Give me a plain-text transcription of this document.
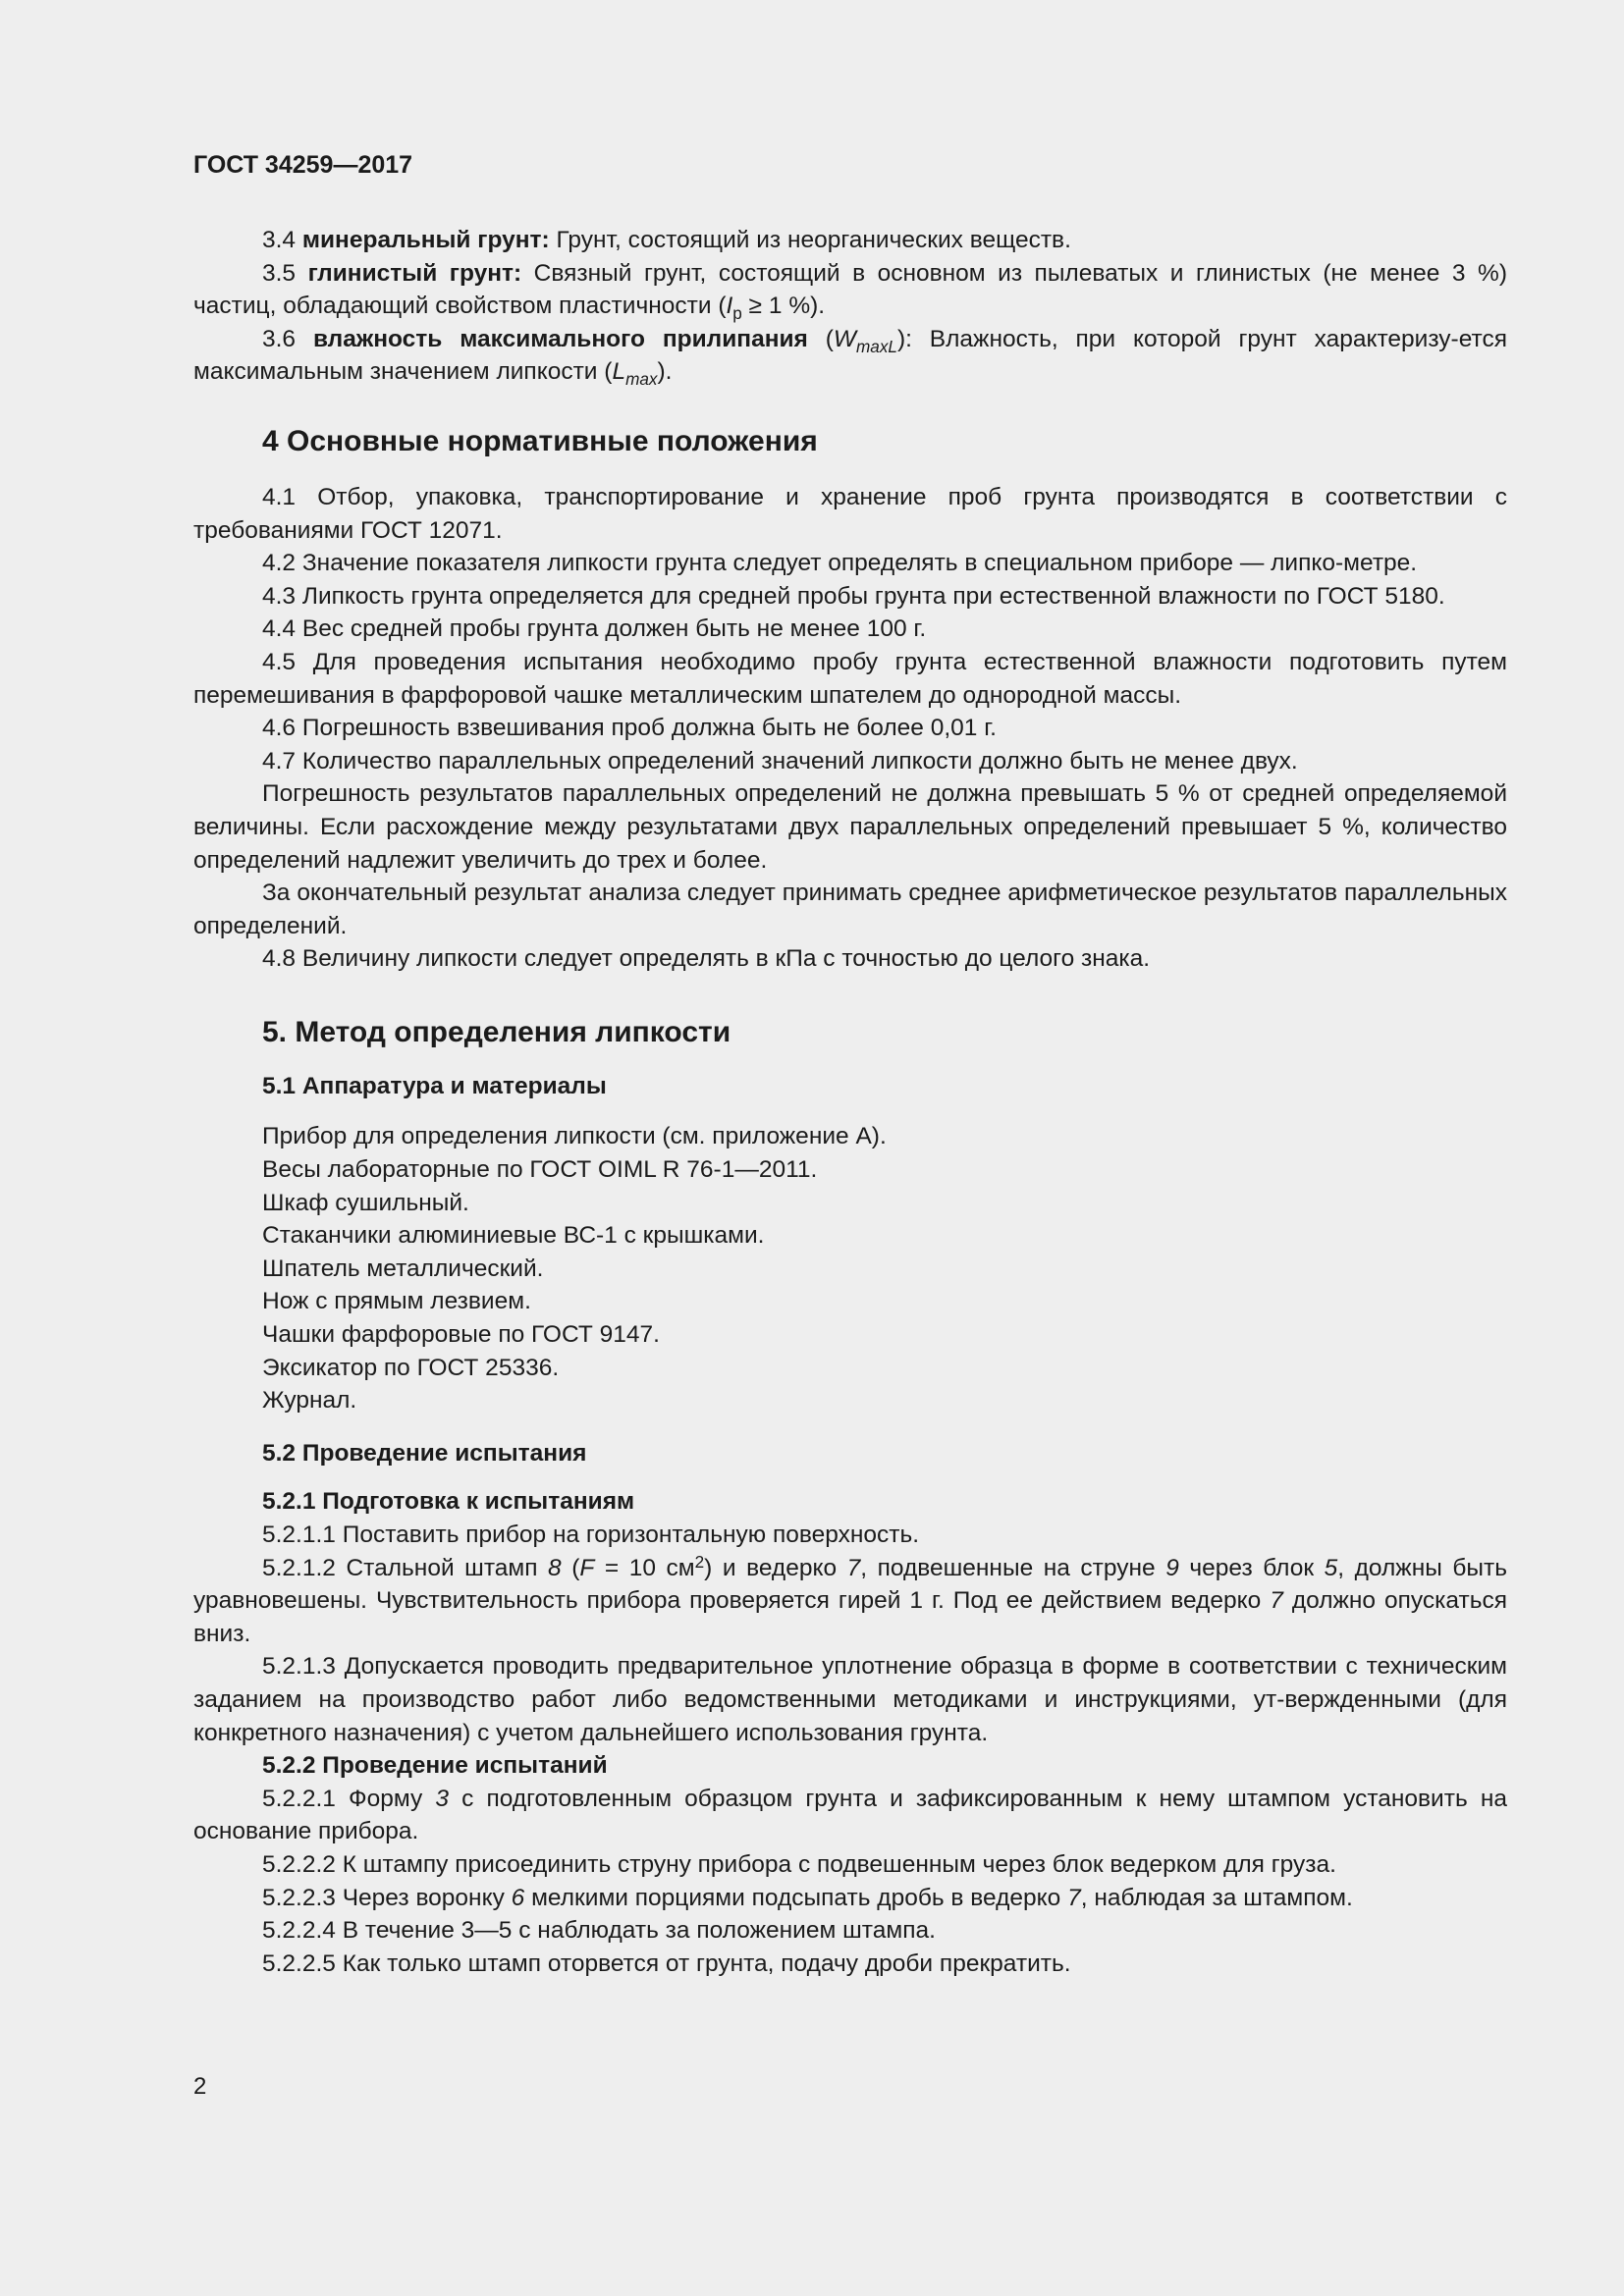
ГОСТ 34259—2017

3.4 минеральный грунт: Грунт, состоящий из неорганических веществ.

3.5 глинистый грунт: Связный грунт, состоящий в основном из пылеватых и глинистых (не менее 3 %) частиц, обладающий свойством пластичности ($I_p \ge 1$ %).

3.6 влажность максимального прилипания $(W_{maxL})$: Влажность, при которой грунт характеризу-ется максимальным значением липкости $(L_{max})$.

4 Основные нормативные положения

4.1 Отбор, упаковка, транспортирование и хранение проб грунта производятся в соответствии с требованиями ГОСТ 12071.

4.2 Значение показателя липкости грунта следует определять в специальном приборе — липко-метре.

4.3 Липкость грунта определяется для средней пробы грунта при естественной влажности по ГОСТ 5180.

4.4 Вес средней пробы грунта должен быть не менее 100 г.

4.5 Для проведения испытания необходимо пробу грунта естественной влажности подготовить путем перемешивания в фарфоровой чашке металлическим шпателем до однородной массы.

4.6 Погрешность взвешивания проб должна быть не более 0,01 г.

4.7 Количество параллельных определений значений липкости должно быть не менее двух.

Погрешность результатов параллельных определений не должна превышать 5 % от средней определяемой величины. Если расхождение между результатами двух параллельных определений превышает 5 %, количество определений надлежит увеличить до трех и более.

За окончательный результат анализа следует принимать среднее арифметическое результатов параллельных определений.

4.8 Величину липкости следует определять в кПа с точностью до целого знака.

5. Метод определения липкости
5.1 Аппаратура и материалы

Прибор для определения липкости (см. приложение А).

Весы лабораторные по ГОСТ OIML R 76-1—2011.

Шкаф сушильный.

Стаканчики алюминиевые ВС-1 с крышками.

Шпатель металлический.

Нож с прямым лезвием.

Чашки фарфоровые по ГОСТ 9147.

Эксикатор по ГОСТ 25336.

Журнал.

5.2 Проведение испытания
5.2.1 Подготовка к испытаниям

5.2.1.1 Поставить прибор на горизонтальную поверхность.

5.2.1.2 Стальной штамп 8 (F = 10 $см^2$) и ведерко 7, подвешенные на струне 9 через блок 5, должны быть уравновешены. Чувствительность прибора проверяется гирей 1 г. Под ее действием ведерко 7 должно опускаться вниз.

5.2.1.3 Допускается проводить предварительное уплотнение образца в форме в соответствии с техническим заданием на производство работ либо ведомственными методиками и инструкциями, ут-вержденными (для конкретного назначения) с учетом дальнейшего использования грунта.

5.2.2 Проведение испытаний

5.2.2.1 Форму 3 с подготовленным образцом грунта и зафиксированным к нему штампом установить на основание прибора.

5.2.2.2 К штампу присоединить струну прибора с подвешенным через блок ведерком для груза.

5.2.2.3 Через воронку 6 мелкими порциями подсыпать дробь в ведерко 7, наблюдая за штампом.

5.2.2.4 В течение 3—5 с наблюдать за положением штампа.

5.2.2.5 Как только штамп оторвется от грунта, подачу дроби прекратить.

2
